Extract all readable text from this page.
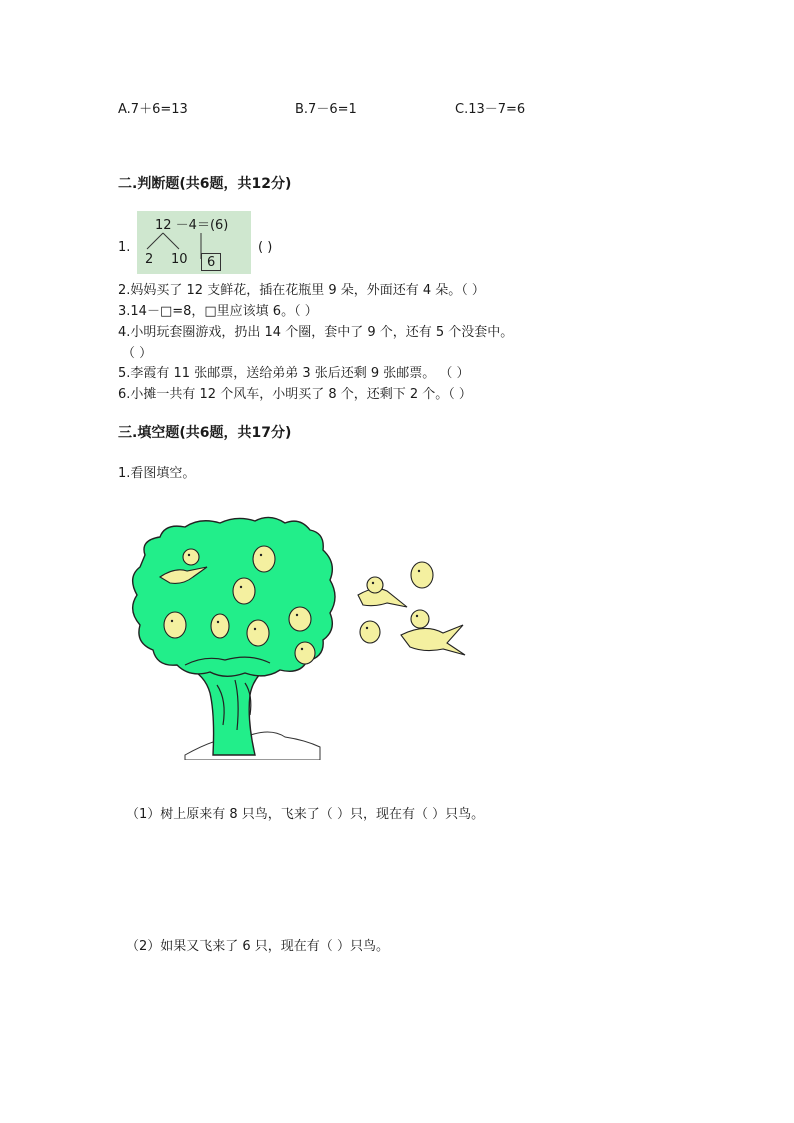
A.7＋6=13	B.7－6=1	C.13－7=6
二.判断题(共6题，共12分)
1.
12 －4＝(6)
2 10 6
( )
2.妈妈买了 12 支鲜花，插在花瓶里 9 朵，外面还有 4 朵。（ ）
3.14－□=8，□里应该填 6。（ ）
4.小明玩套圈游戏，扔出 14 个圈，套中了 9 个，还有 5 个没套中。
（ ）
5.李霞有 11 张邮票，送给弟弟 3 张后还剩 9 张邮票。 （ ）
6.小摊一共有 12 个风车，小明买了 8 个，还剩下 2 个。（ ）
三.填空题(共6题，共17分)
1.看图填空。
（1）树上原来有 8 只鸟，飞来了（ ）只，现在有（ ）只鸟。
（2）如果又飞来了 6 只，现在有（ ）只鸟。
